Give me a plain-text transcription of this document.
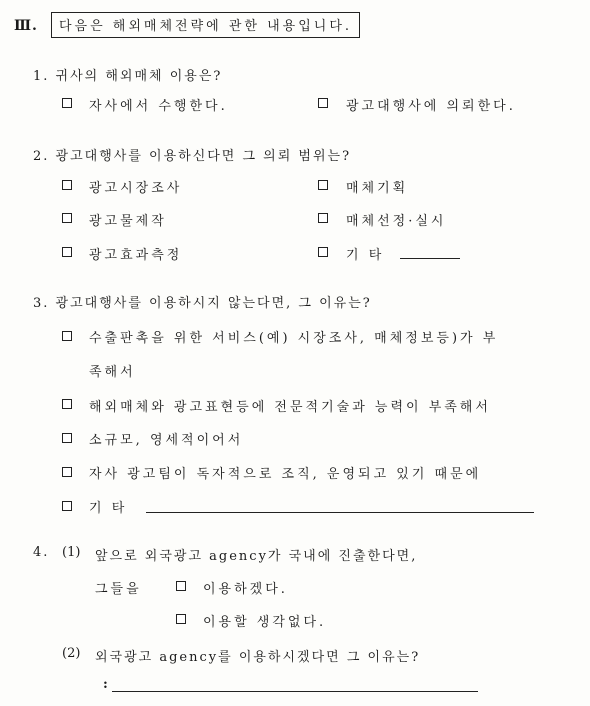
Ⅲ.	다음은 해외매체전략에 관한 내용입니다.
1. 귀사의 해외매체 이용은?
자사에서 수행한다.	광고대행사에 의뢰한다.
2. 광고대행사를 이용하신다면 그 의뢰 범위는?
광고시장조사	매체기획
광고물제작	매체선정·실시
광고효과측정	기 타
3. 광고대행사를 이용하시지 않는다면, 그 이유는?
수출판촉을 위한 서비스(예) 시장조사, 매체정보등)가 부
족해서
해외매체와 광고표현등에 전문적기술과 능력이 부족해서
소규모, 영세적이어서
자사 광고팀이 독자적으로 조직, 운영되고 있기 때문에
기 타
4. (1) 앞으로 외국광고 agency가 국내에 진출한다면,
그들을	이용하겠다.
이용할 생각없다.
(2) 외국광고 agency를 이용하시겠다면 그 이유는?
:
